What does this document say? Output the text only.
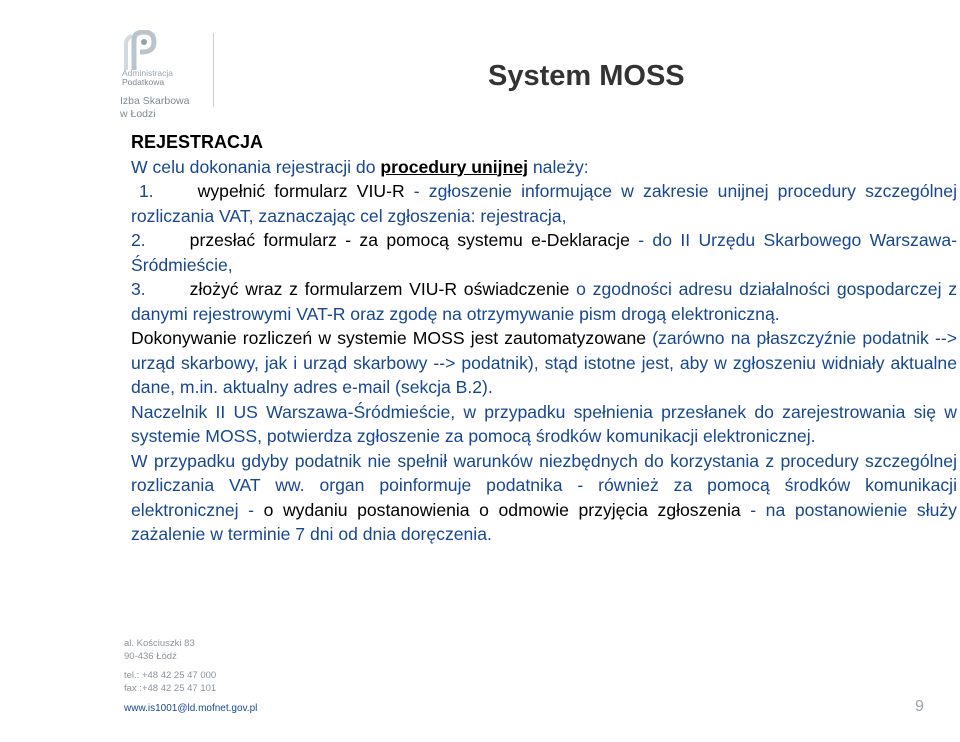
Administracja
Podatkowa
Izba Skarbowa
w Łodzi
System MOSS
REJESTRACJA

W celu dokonania rejestracji do procedury unijnej należy:

1.    wypełnić formularz VIU-R - zgłoszenie informujące w zakresie unijnej procedury szczególnej rozliczania VAT, zaznaczając cel zgłoszenia: rejestracja,

2.    przesłać formularz - za pomocą systemu e-Deklaracje - do II Urzędu Skarbowego Warszawa-Śródmieście,

3.    złożyć wraz z formularzem VIU-R oświadczenie o zgodności adresu działalności gospodarczej z danymi rejestrowymi VAT-R oraz zgodę na otrzymywanie pism drogą elektroniczną.

Dokonywanie rozliczeń w systemie MOSS jest zautomatyzowane (zarówno na płaszczyźnie podatnik --> urząd skarbowy, jak i urząd skarbowy --> podatnik), stąd istotne jest, aby w zgłoszeniu widniały aktualne dane, m.in. aktualny adres e-mail (sekcja B.2).

Naczelnik II US Warszawa-Śródmieście, w przypadku spełnienia przesłanek do zarejestrowania się w systemie MOSS, potwierdza zgłoszenie za pomocą środków komunikacji elektronicznej.

W przypadku gdyby podatnik nie spełnił warunków niezbędnych do korzystania z procedury szczególnej rozliczania VAT ww. organ poinformuje podatnika - również za pomocą środków komunikacji elektronicznej - o wydaniu postanowienia o odmowie przyjęcia zgłoszenia - na postanowienie służy zażalenie w terminie 7 dni od dnia doręczenia.

al. Kościuszki 83
90-436 Łódź
tel.: +48 42 25 47 000
fax :+48 42 25 47 101
www.is1001@ld.mofnet.gov.pl	9
